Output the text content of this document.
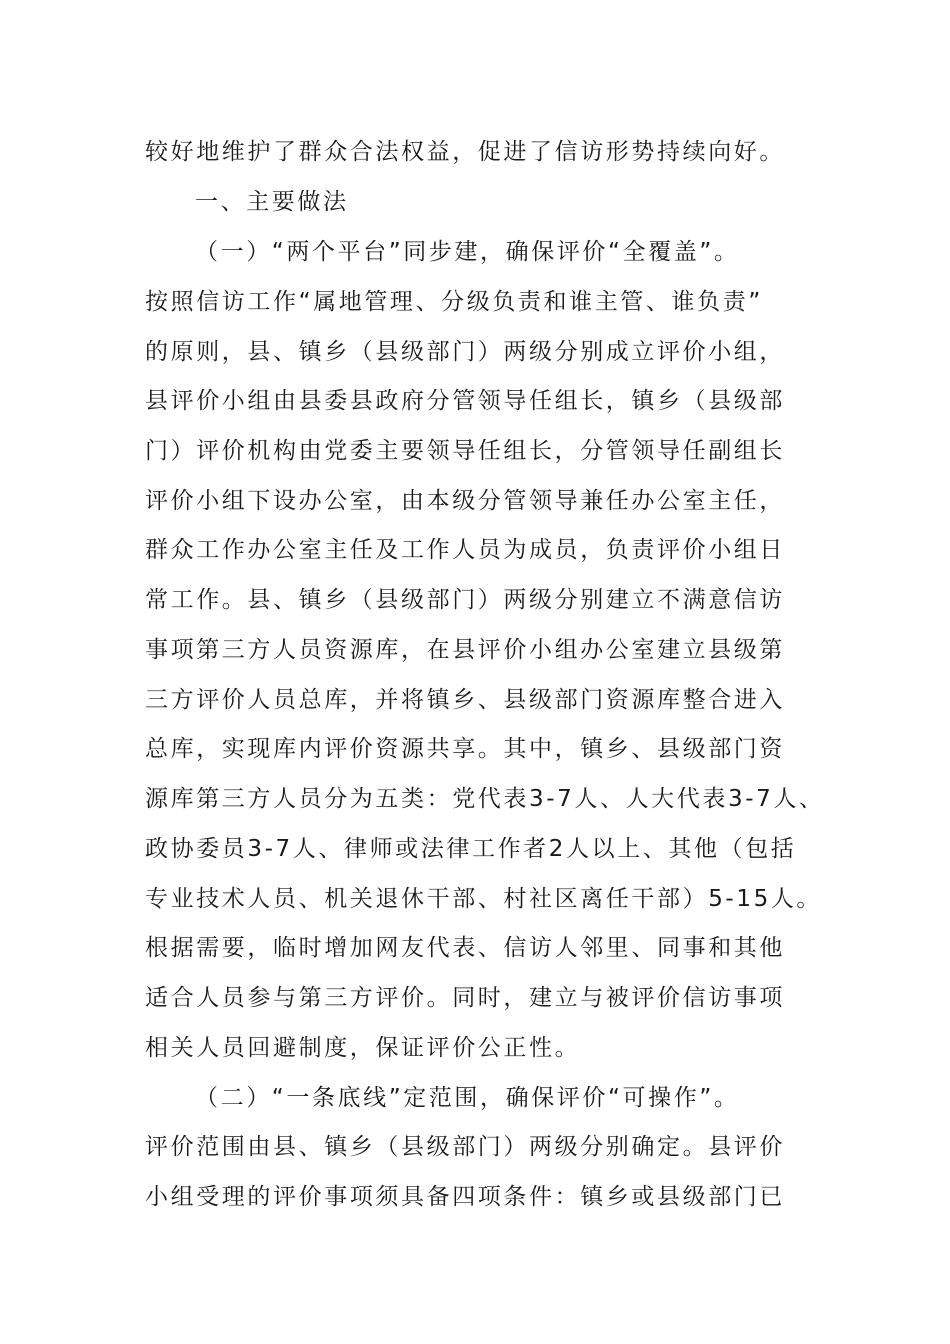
较好地维护了群众合法权益，促进了信访形势持续向好。
一、主要做法
（一）“两个平台”同步建，确保评价“全覆盖”。
按照信访工作“属地管理、分级负责和谁主管、谁负责”
的原则，县、镇乡（县级部门）两级分别成立评价小组，
县评价小组由县委县政府分管领导任组长，镇乡（县级部
门）评价机构由党委主要领导任组长，分管领导任副组长
评价小组下设办公室，由本级分管领导兼任办公室主任，
群众工作办公室主任及工作人员为成员，负责评价小组日
常工作。县、镇乡（县级部门）两级分别建立不满意信访
事项第三方人员资源库，在县评价小组办公室建立县级第
三方评价人员总库，并将镇乡、县级部门资源库整合进入
总库，实现库内评价资源共享。其中，镇乡、县级部门资
源库第三方人员分为五类：党代表3-7人、人大代表3-7人、
政协委员3-7人、律师或法律工作者2人以上、其他（包括
专业技术人员、机关退休干部、村社区离任干部）5-15人。
根据需要，临时增加网友代表、信访人邻里、同事和其他
适合人员参与第三方评价。同时，建立与被评价信访事项
相关人员回避制度，保证评价公正性。
（二）“一条底线”定范围，确保评价“可操作”。
评价范围由县、镇乡（县级部门）两级分别确定。县评价
小组受理的评价事项须具备四项条件：镇乡或县级部门已
